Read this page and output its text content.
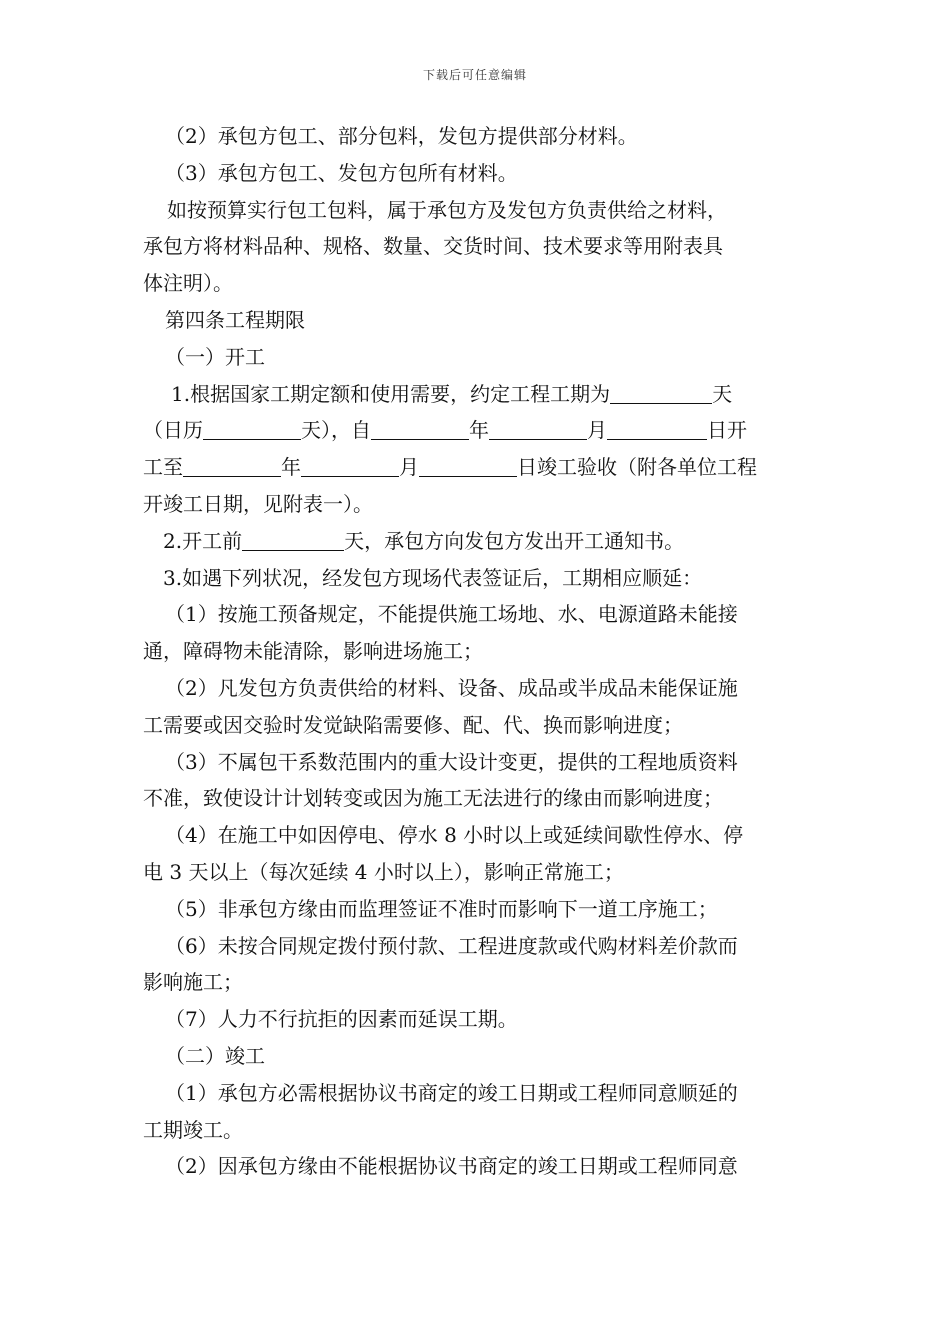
下载后可任意编辑
（2）承包方包工、部分包料，发包方提供部分材料。
（3）承包方包工、发包方包所有材料。
如按预算实行包工包料，属于承包方及发包方负责供给之材料，
承包方将材料品种、规格、数量、交货时间、技术要求等用附表具
体注明）。
第四条工程期限
（一）开工
1.根据国家工期定额和使用需要，约定工程工期为	天
（日历	天），自	年	月	日开
工至	年	月	日竣工验收（附各单位工程
开竣工日期，见附表一）。
2.开工前	天，承包方向发包方发出开工通知书。
3.如遇下列状况，经发包方现场代表签证后，工期相应顺延：
（1）按施工预备规定，不能提供施工场地、水、电源道路未能接
通，障碍物未能清除，影响进场施工；
（2）凡发包方负责供给的材料、设备、成品或半成品未能保证施
工需要或因交验时发觉缺陷需要修、配、代、换而影响进度；
（3）不属包干系数范围内的重大设计变更，提供的工程地质资料
不准，致使设计计划转变或因为施工无法进行的缘由而影响进度；
（4）在施工中如因停电、停水 8 小时以上或延续间歇性停水、停
电 3 天以上（每次延续 4 小时以上），影响正常施工；
（5）非承包方缘由而监理签证不准时而影响下一道工序施工；
（6）未按合同规定拨付预付款、工程进度款或代购材料差价款而
影响施工；
（7）人力不行抗拒的因素而延误工期。
（二）竣工
（1）承包方必需根据协议书商定的竣工日期或工程师同意顺延的
工期竣工。
（2）因承包方缘由不能根据协议书商定的竣工日期或工程师同意
